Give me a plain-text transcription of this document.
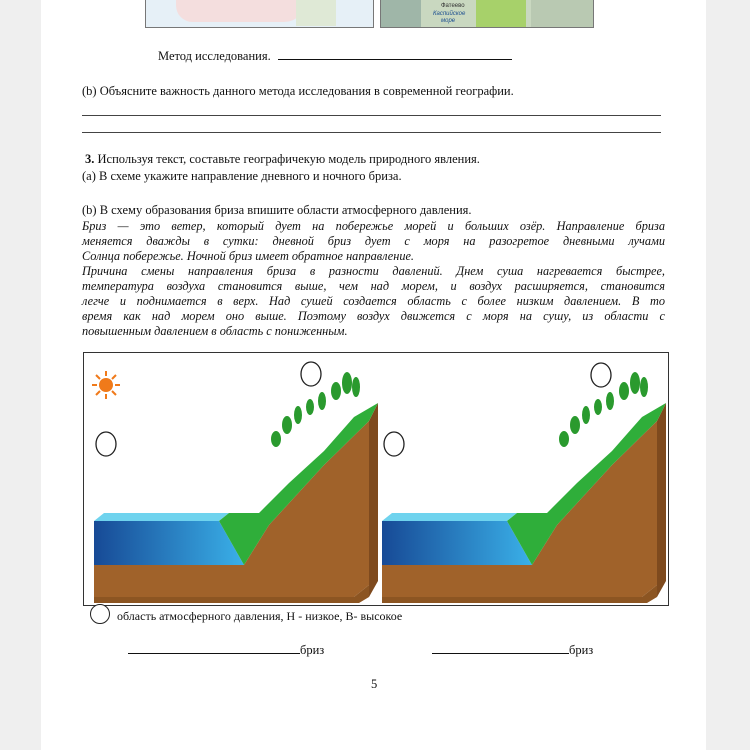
Фатеево
Каспийское
море
Метод исследования.
(b) Объясните важность данного метода исследования в современной географии.
3. Используя текст, составьте географичекую модель природного явления.
(a) В схеме укажите направление дневного и ночного бриза.
(b) В схему образования бриза впишите области атмосферного давления.
Бриз — это ветер, который дует на побережье морей и больших озёр. Направление бриза
меняется дважды в сутки: дневной бриз дует с моря на разогретое дневными лучами
Солнца побережье. Ночной бриз имеет обратное направление.
Причина смены направления бриза в разности давлений. Днем суша нагревается быстрее,
температура воздуха становится выше, чем над морем, и воздух расширяется, становится
легче и поднимается в верх. Над сушей создается область с более низким давлением. В то
время как над морем оно выше. Поэтому воздух движется с моря на сушу, из области с
повышенным давлением в область с пониженным.
область атмосферного давления, Н - низкое, В- высокое
бриз	бриз
5
